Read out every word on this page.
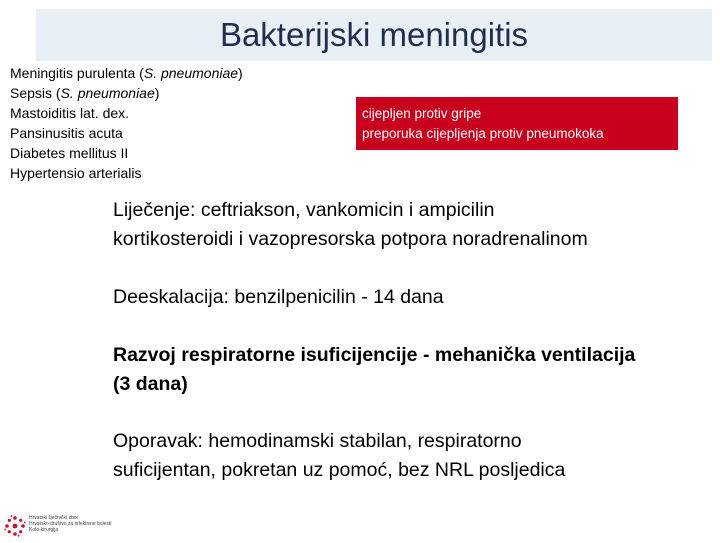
Bakterijski meningitis
Meningitis purulenta (S. pneumoniae)
Sepsis (S. pneumoniae)
Mastoiditis lat. dex.
Pansinusitis acuta
Diabetes mellitus II
Hypertensio arterialis
cijepljen protiv gripe
preporuka cijepljenja protiv pneumokoka
Liječenje: ceftriakson, vankomicin i ampicilin
kortikosteroidi i vazopresorska potpora noradrenalinom
Deeskalacija: benzilpenicilin - 14 dana
Razvoj respiratorne isuficijencije - mehanička ventilacija
(3 dana)
Oporavak: hemodinamski stabilan, respiratorno
suficijentan, pokretan uz pomoć, bez NRL posljedica
Hrvatski liječnički zbor
Hrvatsko društvo za infektivne bolesti
Kolo-kirurgija
